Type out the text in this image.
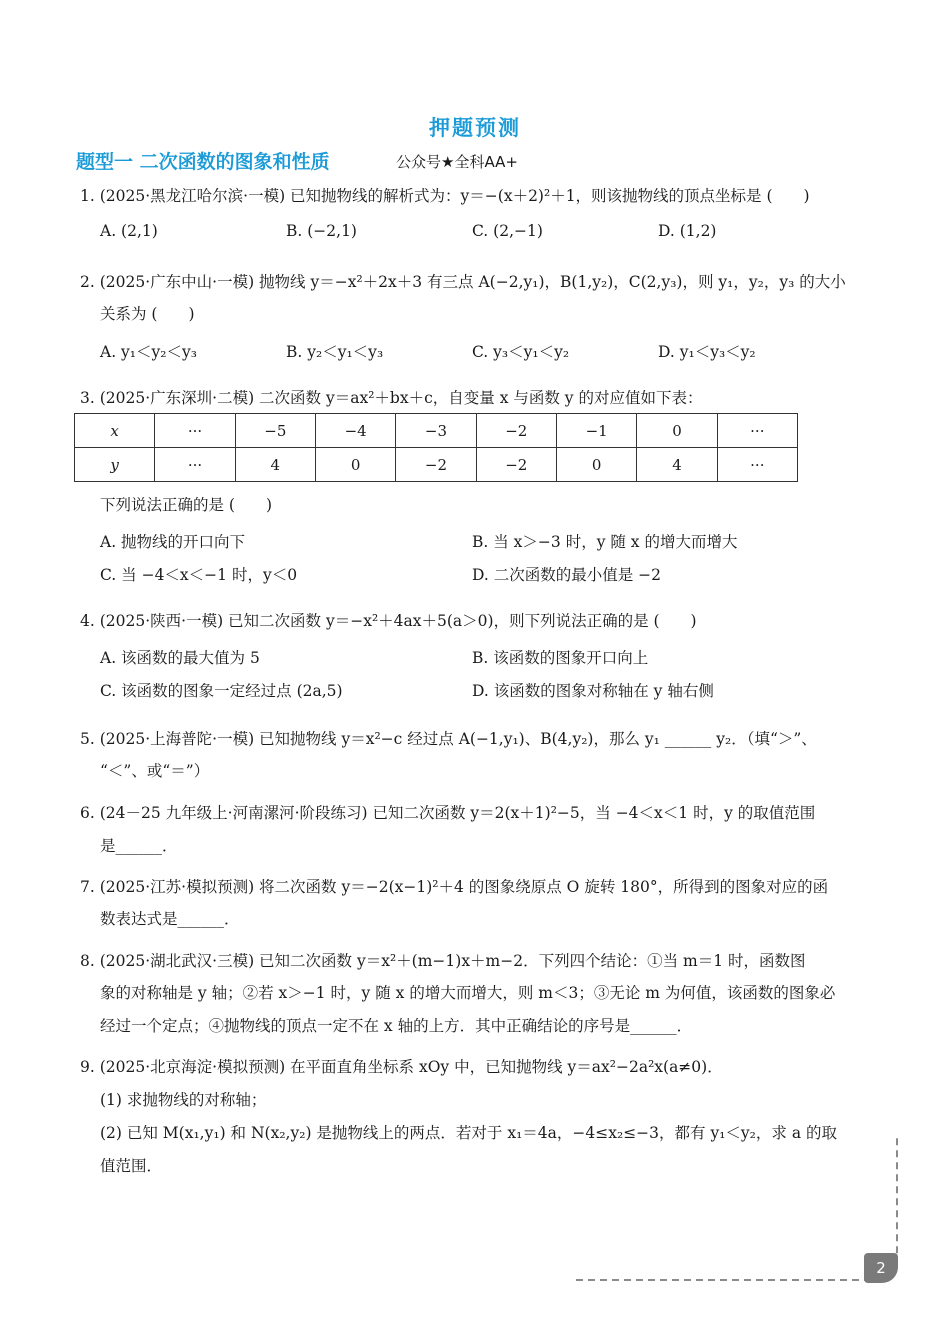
押题预测
题型一 二次函数的图象和性质	公众号★全科AA+
1. (2025·黑龙江哈尔滨·一模) 已知抛物线的解析式为：y＝−(x＋2)²＋1，则该抛物线的顶点坐标是 (　　)
A. (2,1)	B. (−2,1)	C. (2,−1)	D. (1,2)
2. (2025·广东中山·一模) 抛物线 y＝−x²＋2x＋3 有三点 A(−2,y₁)，B(1,y₂)，C(2,y₃)，则 y₁，y₂，y₃ 的大小
关系为 (　　)
A. y₁＜y₂＜y₃	B. y₂＜y₁＜y₃	C. y₃＜y₁＜y₂	D. y₁＜y₃＜y₂
3. (2025·广东深圳·二模) 二次函数 y＝ax²＋bx＋c，自变量 x 与函数 y 的对应值如下表：
x	···	−5	−4	−3	−2	−1	0	···
y	···	4	0	−2	−2	0	4	···
下列说法正确的是 (　　)
A. 抛物线的开口向下	B. 当 x＞−3 时，y 随 x 的增大而增大
C. 当 −4＜x＜−1 时，y＜0	D. 二次函数的最小值是 −2
4. (2025·陕西·一模) 已知二次函数 y＝−x²＋4ax＋5(a＞0)，则下列说法正确的是 (　　)
A. 该函数的最大值为 5	B. 该函数的图象开口向上
C. 该函数的图象一定经过点 (2a,5)	D. 该函数的图象对称轴在 y 轴右侧
5. (2025·上海普陀·一模) 已知抛物线 y＝x²−c 经过点 A(−1,y₁)、B(4,y₂)，那么 y₁ ______ y₂．（填“＞”、
“＜”、或“＝”）
6. (24－25 九年级上·河南漯河·阶段练习) 已知二次函数 y＝2(x＋1)²−5，当 −4＜x＜1 时，y 的取值范围
是______．
7. (2025·江苏·模拟预测) 将二次函数 y＝−2(x−1)²＋4 的图象绕原点 O 旋转 180°，所得到的图象对应的函
数表达式是______．
8. (2025·湖北武汉·三模) 已知二次函数 y＝x²＋(m−1)x＋m−2．下列四个结论：①当 m＝1 时，函数图
象的对称轴是 y 轴；②若 x＞−1 时，y 随 x 的增大而增大，则 m＜3；③无论 m 为何值，该函数的图象必
经过一个定点；④抛物线的顶点一定不在 x 轴的上方．其中正确结论的序号是______．
9. (2025·北京海淀·模拟预测) 在平面直角坐标系 xOy 中，已知抛物线 y＝ax²−2a²x(a≠0)．
(1) 求抛物线的对称轴；
(2) 已知 M(x₁,y₁) 和 N(x₂,y₂) 是抛物线上的两点．若对于 x₁＝4a，−4≤x₂≤−3，都有 y₁＜y₂，求 a 的取
值范围．
2
